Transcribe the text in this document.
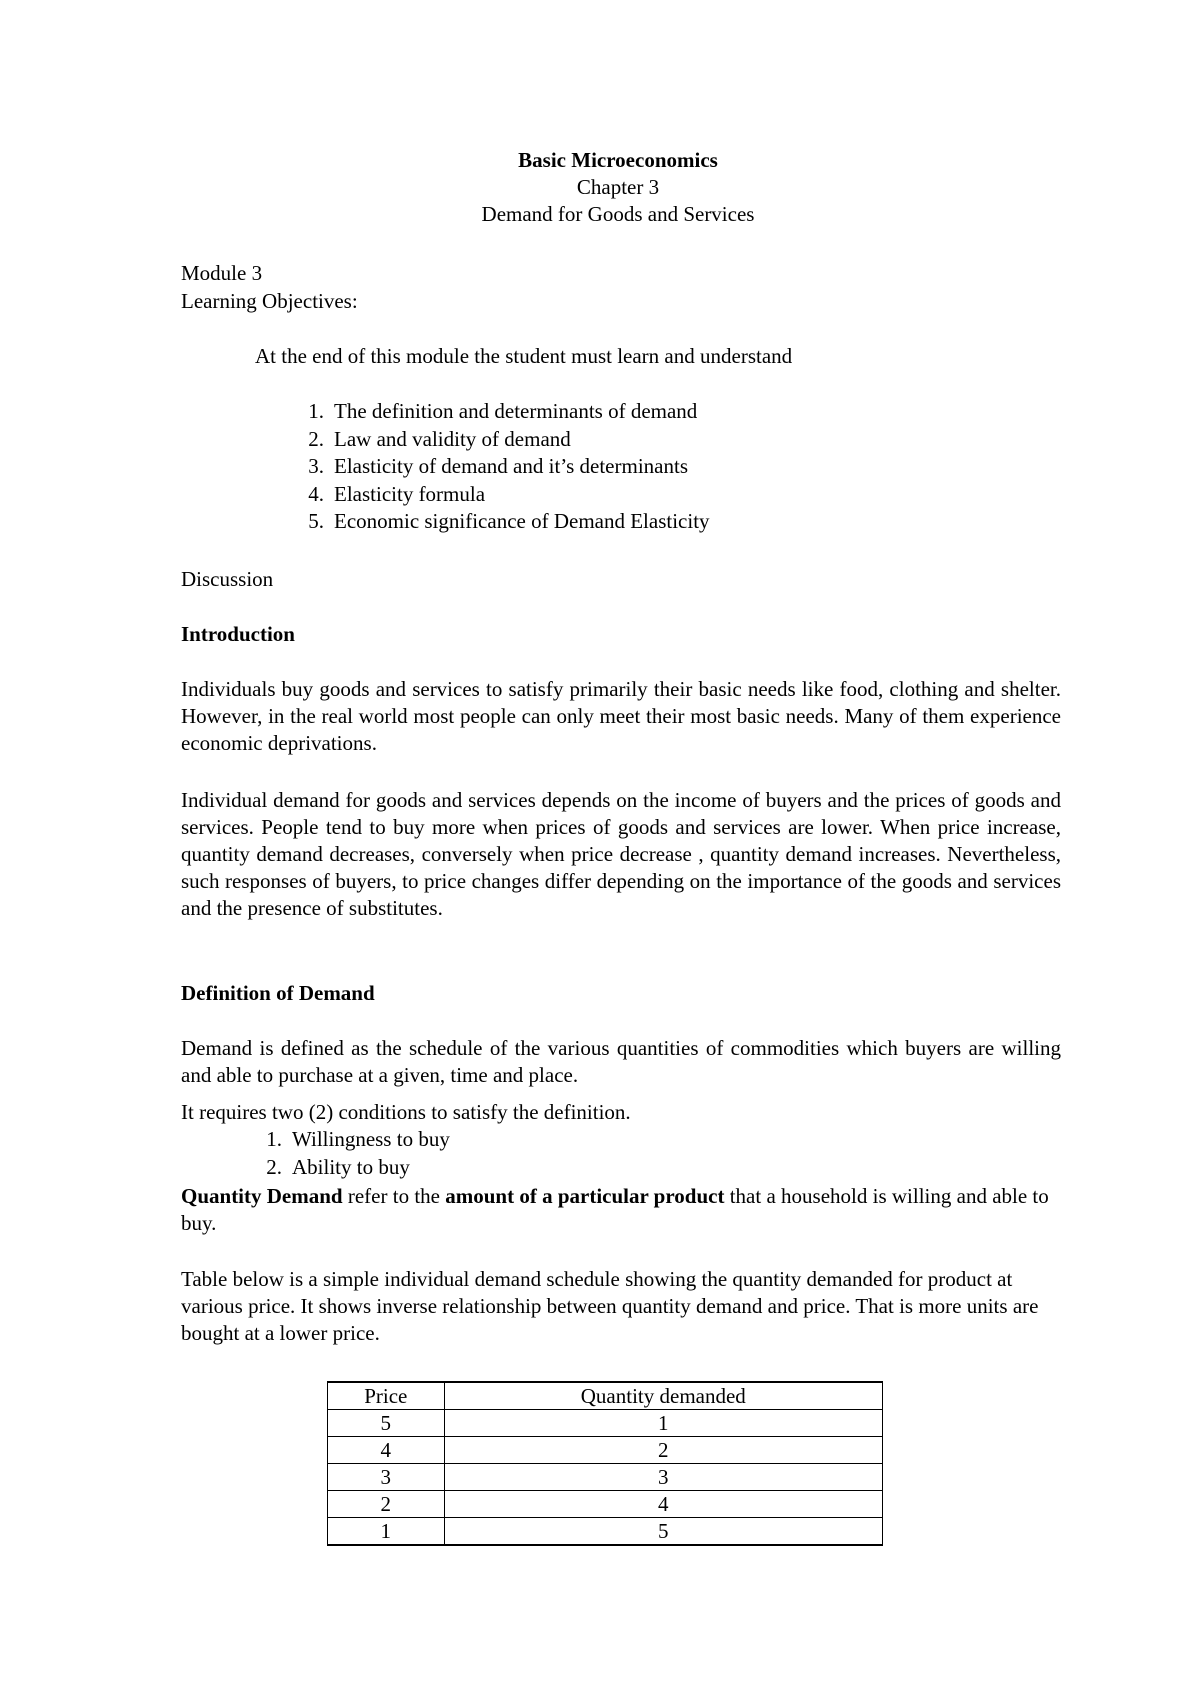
Basic Microeconomics
Chapter 3
Demand for Goods and Services
Module 3
Learning Objectives:
At the end of this module the student must learn and understand
1. The definition and determinants of demand
2. Law and validity of demand
3. Elasticity of demand and it’s determinants
4. Elasticity formula
5. Economic significance of Demand Elasticity
Discussion
Introduction
Individuals buy goods and services to satisfy primarily their basic needs like food, clothing and shelter. However, in the real world most people can only meet their most basic needs. Many of them experience economic deprivations.
Individual demand for goods and services depends on the income of buyers and the prices of goods and services. People tend to buy more when prices of goods and services are lower. When price increase, quantity demand decreases, conversely when price decrease , quantity demand increases. Nevertheless, such responses of buyers, to price changes differ depending on the importance of the goods and services and the presence of substitutes.
Definition of Demand
Demand is defined as the schedule of the various quantities of commodities which buyers are willing and able to purchase at a given, time and place.
It requires two (2) conditions to satisfy the definition.
1. Willingness to buy
2. Ability to buy
Quantity Demand refer to the amount of a particular product that a household is willing and able to buy.
Table below is a simple individual demand schedule showing the quantity demanded for product at various price. It shows inverse relationship between quantity demand and price. That is more units are bought at a lower price.
Price	Quantity demanded
5	1
4	2
3	3
2	4
1	5
